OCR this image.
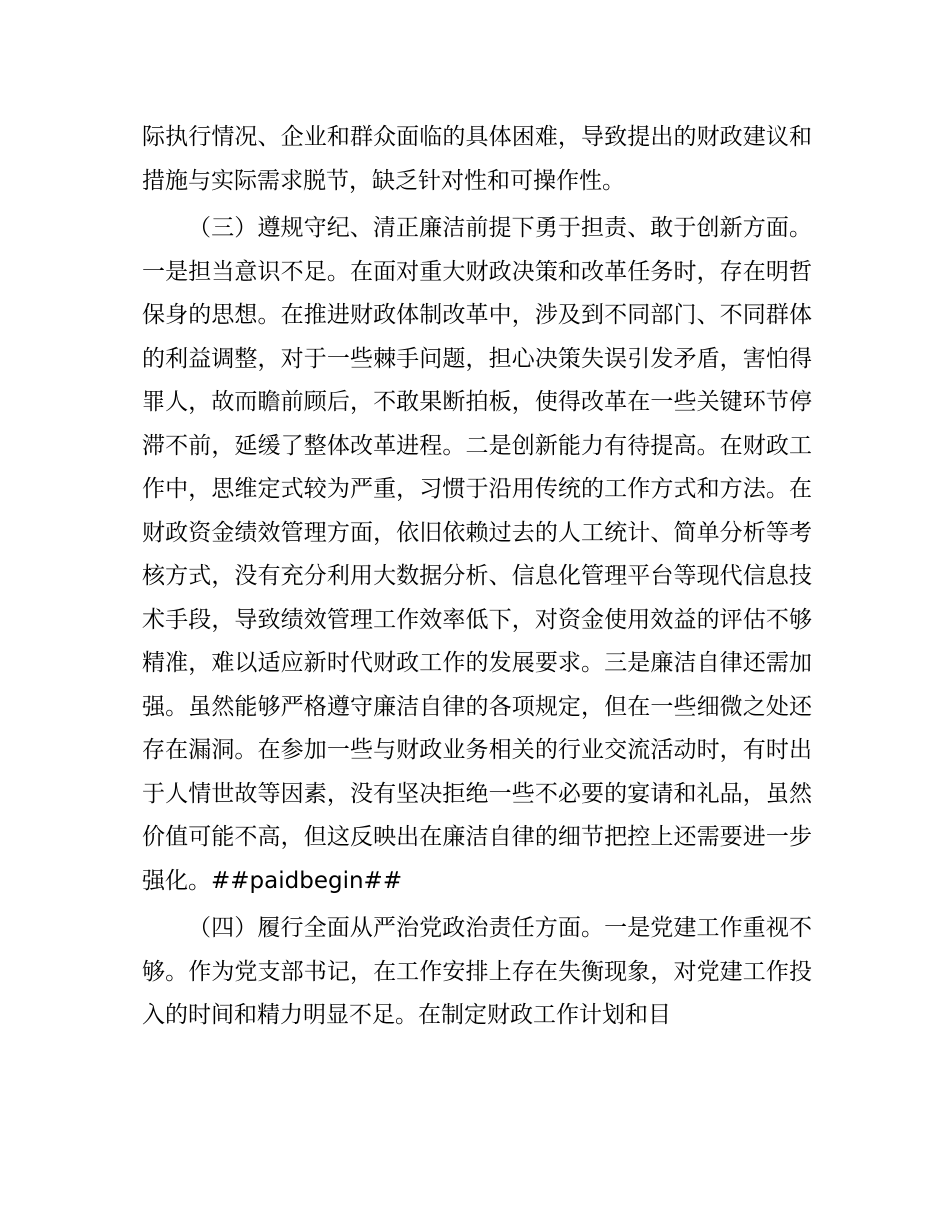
际执行情况、企业和群众面临的具体困难，导致提出的财政建议和措施与实际需求脱节，缺乏针对性和可操作性。

（三）遵规守纪、清正廉洁前提下勇于担责、敢于创新方面。一是担当意识不足。在面对重大财政决策和改革任务时，存在明哲保身的思想。在推进财政体制改革中，涉及到不同部门、不同群体的利益调整，对于一些棘手问题，担心决策失误引发矛盾，害怕得罪人，故而瞻前顾后，不敢果断拍板，使得改革在一些关键环节停滞不前，延缓了整体改革进程。二是创新能力有待提高。在财政工作中，思维定式较为严重，习惯于沿用传统的工作方式和方法。在财政资金绩效管理方面，依旧依赖过去的人工统计、简单分析等考核方式，没有充分利用大数据分析、信息化管理平台等现代信息技术手段，导致绩效管理工作效率低下，对资金使用效益的评估不够精准，难以适应新时代财政工作的发展要求。三是廉洁自律还需加强。虽然能够严格遵守廉洁自律的各项规定，但在一些细微之处还存在漏洞。在参加一些与财政业务相关的行业交流活动时，有时出于人情世故等因素，没有坚决拒绝一些不必要的宴请和礼品，虽然价值可能不高，但这反映出在廉洁自律的细节把控上还需要进一步强化。##paidbegin##

（四）履行全面从严治党政治责任方面。一是党建工作重视不够。作为党支部书记，在工作安排上存在失衡现象，对党建工作投入的时间和精力明显不足。在制定财政工作计划和目
